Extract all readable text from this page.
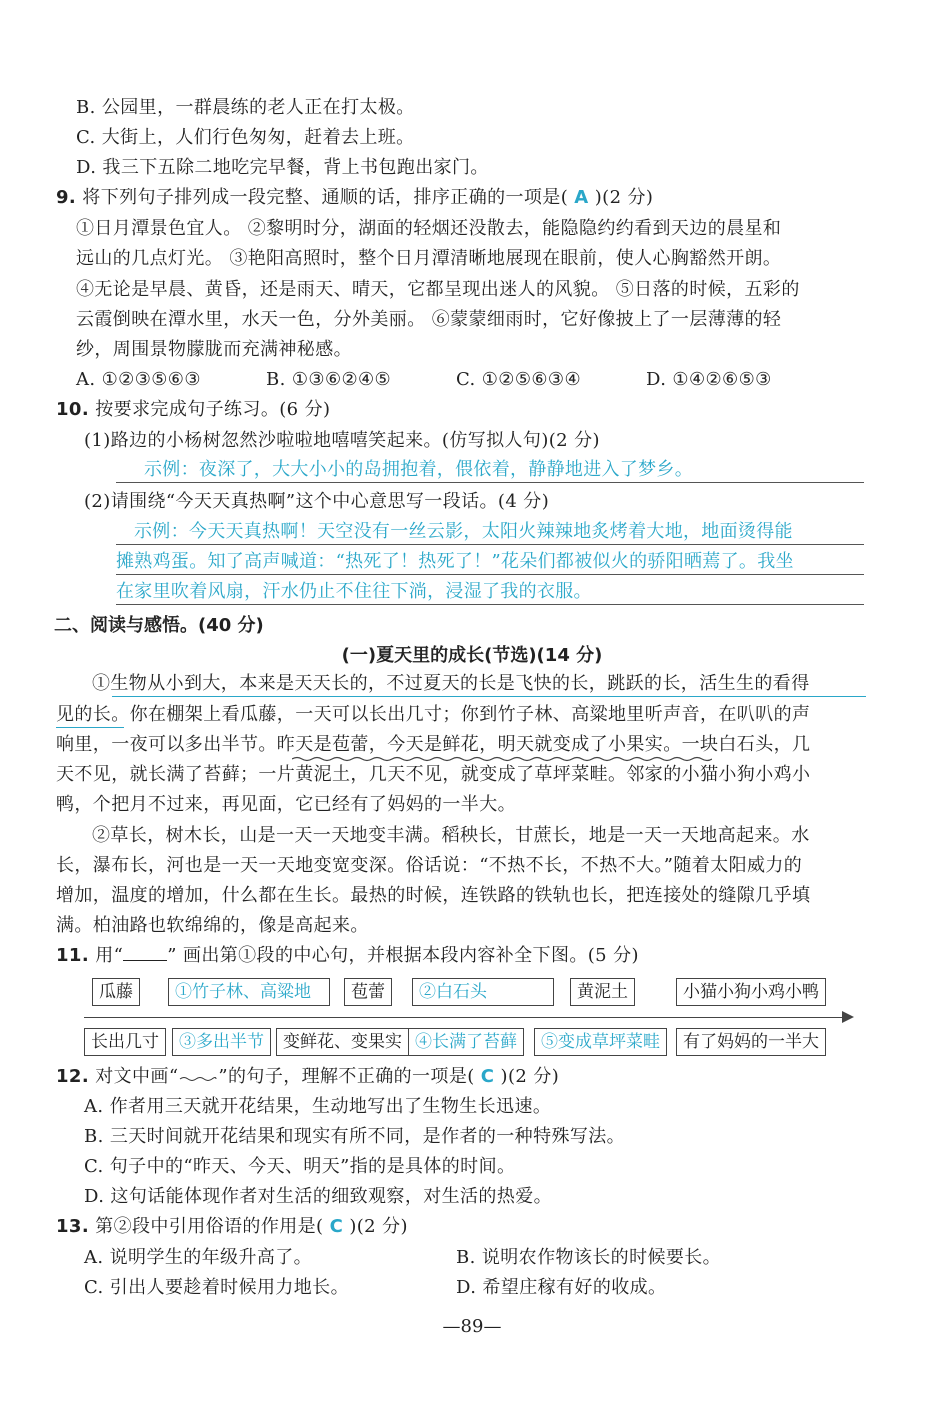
B. 公园里，一群晨练的老人正在打太极。
C. 大街上，人们行色匆匆，赶着去上班。
D. 我三下五除二地吃完早餐，背上书包跑出家门。
9. 将下列句子排列成一段完整、通顺的话，排序正确的一项是( A )(2 分)
①日月潭景色宜人。 ②黎明时分，湖面的轻烟还没散去，能隐隐约约看到天边的晨星和
远山的几点灯光。 ③艳阳高照时，整个日月潭清晰地展现在眼前，使人心胸豁然开朗。
④无论是早晨、黄昏，还是雨天、晴天，它都呈现出迷人的风貌。 ⑤日落的时候，五彩的
云霞倒映在潭水里，水天一色，分外美丽。 ⑥蒙蒙细雨时，它好像披上了一层薄薄的轻
纱，周围景物朦胧而充满神秘感。
A. ①②③⑤⑥③	B. ①③⑥②④⑤	C. ①②⑤⑥③④	D. ①④②⑥⑤③
10. 按要求完成句子练习。(6 分)
(1)路边的小杨树忽然沙啦啦地嘻嘻笑起来。(仿写拟人句)(2 分)
示例：夜深了，大大小小的岛拥抱着，偎依着，静静地进入了梦乡。
(2)请围绕“今天天真热啊”这个中心意思写一段话。(4 分)
示例：今天天真热啊！天空没有一丝云影，太阳火辣辣地炙烤着大地，地面烫得能
摊熟鸡蛋。知了高声喊道：“热死了！热死了！”花朵们都被似火的骄阳晒蔫了。我坐
在家里吹着风扇，汗水仍止不住往下淌，浸湿了我的衣服。
二、阅读与感悟。(40 分)
(一)夏天里的成长(节选)(14 分)
①生物从小到大，本来是天天长的，不过夏天的长是飞快的长，跳跃的长，活生生的看得
见的长。你在棚架上看瓜藤，一天可以长出几寸；你到竹子林、高粱地里听声音，在叭叭的声
响里，一夜可以多出半节。昨天是苞蕾，今天是鲜花，明天就变成了小果实。一块白石头，几
天不见，就长满了苔藓；一片黄泥土，几天不见，就变成了草坪菜畦。邻家的小猫小狗小鸡小
鸭，个把月不过来，再见面，它已经有了妈妈的一半大。
②草长，树木长，山是一天一天地变丰满。稻秧长，甘蔗长，地是一天一天地高起来。水
长，瀑布长，河也是一天一天地变宽变深。俗话说：“不热不长，不热不大。”随着太阳威力的
增加，温度的增加，什么都在生长。最热的时候，连铁路的铁轨也长，把连接处的缝隙几乎填
满。柏油路也软绵绵的，像是高起来。
11. 用“ ” 画出第①段的中心句，并根据本段内容补全下图。(5 分)
瓜藤	①竹子林、高粱地	苞蕾	②白石头	黄泥土	小猫小狗小鸡小鸭
长出几寸	③多出半节	变鲜花、变果实 ④长满了苔藓	⑤变成草坪菜畦	有了妈妈的一半大
12. 对文中画“ ”的句子，理解不正确的一项是( C )(2 分)
A. 作者用三天就开花结果，生动地写出了生物生长迅速。
B. 三天时间就开花结果和现实有所不同，是作者的一种特殊写法。
C. 句子中的“昨天、今天、明天”指的是具体的时间。
D. 这句话能体现作者对生活的细致观察，对生活的热爱。
13. 第②段中引用俗语的作用是( C )(2 分)
A. 说明学生的年级升高了。	B. 说明农作物该长的时候要长。
C. 引出人要趁着时候用力地长。	D. 希望庄稼有好的收成。
—89—
